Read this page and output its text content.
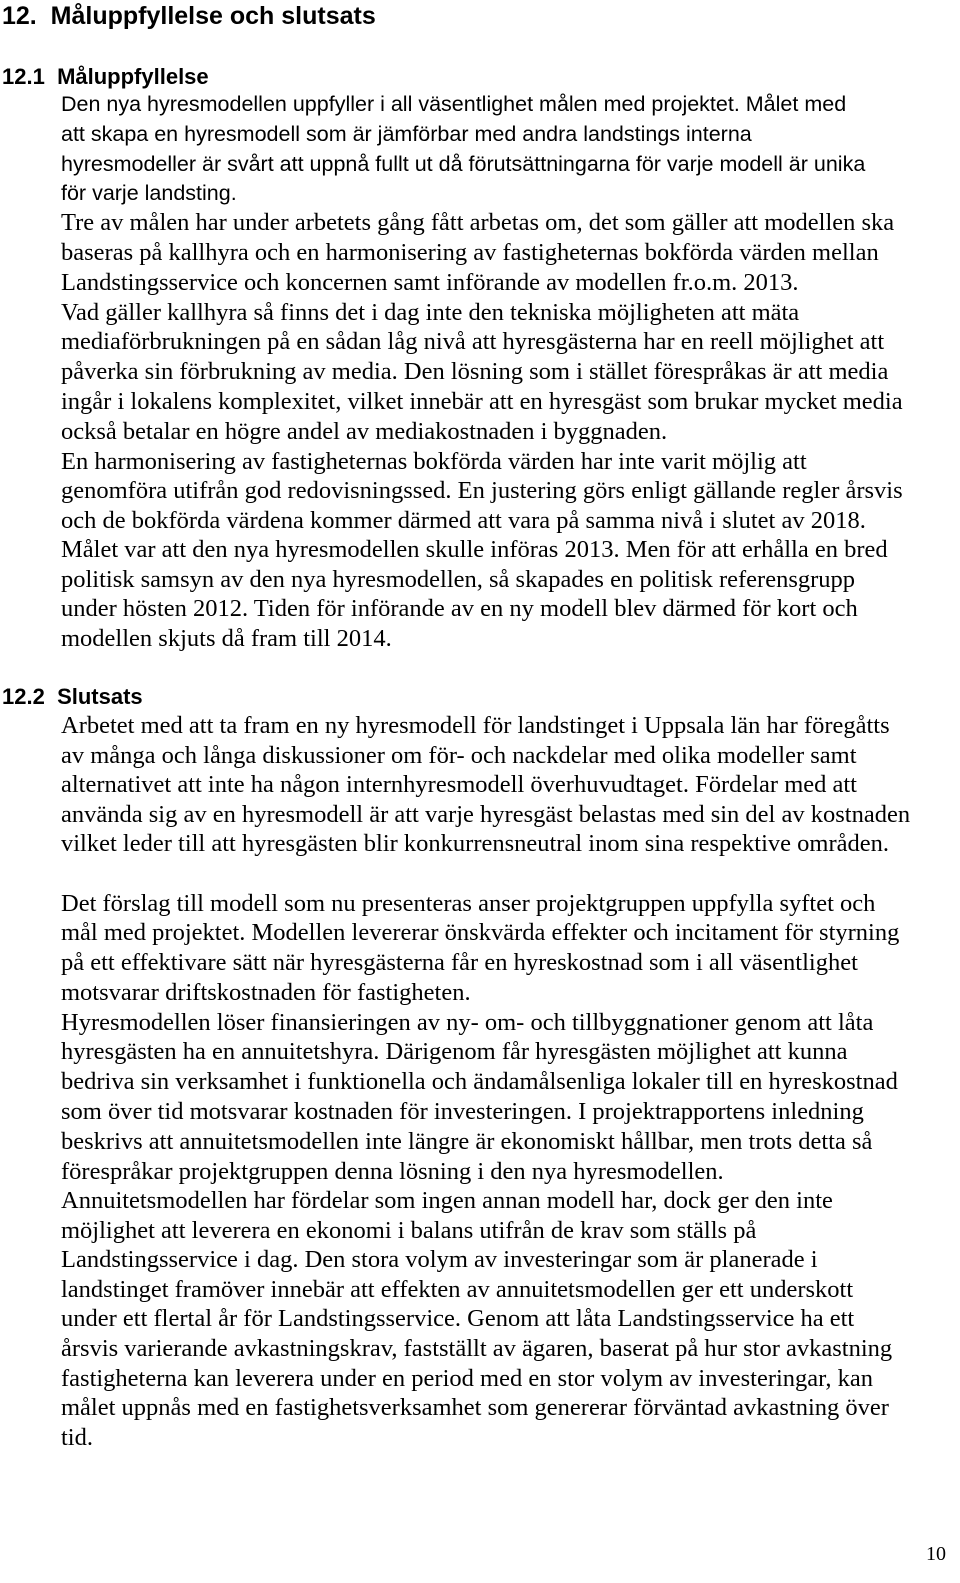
12. Måluppfyllelse och slutsats
12.1 Måluppfyllelse
Den nya hyresmodellen uppfyller i all väsentlighet målen med projektet. Målet med
att skapa en hyresmodell som är jämförbar med andra landstings interna
hyresmodeller är svårt att uppnå fullt ut då förutsättningarna för varje modell är unika
för varje landsting.
Tre av målen har under arbetets gång fått arbetas om, det som gäller att modellen ska
baseras på kallhyra och en harmonisering av fastigheternas bokförda värden mellan
Landstingsservice och koncernen samt införande av modellen fr.o.m. 2013.
Vad gäller kallhyra så finns det i dag inte den tekniska möjligheten att mäta
mediaförbrukningen på en sådan låg nivå att hyresgästerna har en reell möjlighet att
påverka sin förbrukning av media. Den lösning som i stället förespråkas är att media
ingår i lokalens komplexitet, vilket innebär att en hyresgäst som brukar mycket media
också betalar en högre andel av mediakostnaden i byggnaden.
En harmonisering av fastigheternas bokförda värden har inte varit möjlig att
genomföra utifrån god redovisningssed. En justering görs enligt gällande regler årsvis
och de bokförda värdena kommer därmed att vara på samma nivå i slutet av 2018.
Målet var att den nya hyresmodellen skulle införas 2013. Men för att erhålla en bred
politisk samsyn av den nya hyresmodellen, så skapades en politisk referensgrupp
under hösten 2012. Tiden för införande av en ny modell blev därmed för kort och
modellen skjuts då fram till 2014.
12.2 Slutsats
Arbetet med att ta fram en ny hyresmodell för landstinget i Uppsala län har föregåtts
av många och långa diskussioner om för- och nackdelar med olika modeller samt
alternativet att inte ha någon internhyresmodell överhuvudtaget. Fördelar med att
använda sig av en hyresmodell är att varje hyresgäst belastas med sin del av kostnaden
vilket leder till att hyresgästen blir konkurrensneutral inom sina respektive områden.
Det förslag till modell som nu presenteras anser projektgruppen uppfylla syftet och
mål med projektet. Modellen levererar önskvärda effekter och incitament för styrning
på ett effektivare sätt när hyresgästerna får en hyreskostnad som i all väsentlighet
motsvarar driftskostnaden för fastigheten.
Hyresmodellen löser finansieringen av ny- om- och tillbyggnationer genom att låta
hyresgästen ha en annuitetshyra. Därigenom får hyresgästen möjlighet att kunna
bedriva sin verksamhet i funktionella och ändamålsenliga lokaler till en hyreskostnad
som över tid motsvarar kostnaden för investeringen. I projektrapportens inledning
beskrivs att annuitetsmodellen inte längre är ekonomiskt hållbar, men trots detta så
förespråkar projektgruppen denna lösning i den nya hyresmodellen.
Annuitetsmodellen har fördelar som ingen annan modell har, dock ger den inte
möjlighet att leverera en ekonomi i balans utifrån de krav som ställs på
Landstingsservice i dag. Den stora volym av investeringar som är planerade i
landstinget framöver innebär att effekten av annuitetsmodellen ger ett underskott
under ett flertal år för Landstingsservice. Genom att låta Landstingsservice ha ett
årsvis varierande avkastningskrav, fastställt av ägaren, baserat på hur stor avkastning
fastigheterna kan leverera under en period med en stor volym av investeringar, kan
målet uppnås med en fastighetsverksamhet som genererar förväntad avkastning över
tid.
10
